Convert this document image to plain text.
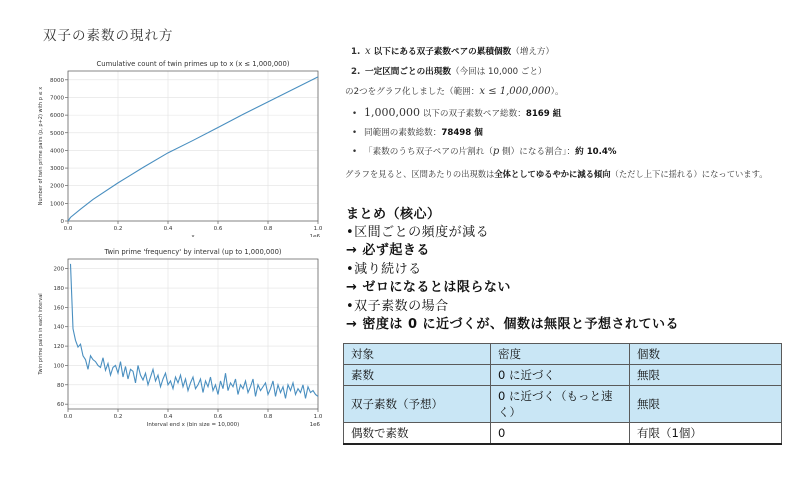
双子の素数の現れ方
Cumulative count of twin primes up to x (x ≤ 1,000,000)
0
1000
2000
3000
4000
5000
6000
7000
8000
0.0	0.2	0.4	0.6	0.8	1.0
x	1e6
Number of twin prime pairs (p, p+2) with p ≤ x
Twin prime 'frequency' by interval (up to 1,000,000)
60
80
100
120
140
160
180
200
0.0	0.2	0.4	0.6	0.8	1.0
Interval end x (bin size = 10,000)	1e6
Twin prime pairs in each interval
1. x 以下にある双子素数ペアの累積個数（増え方）
2. 一定区間ごとの出現数（今回は 10,000 ごと）
の2つをグラフ化しました（範囲：x ≤ 1,000,000）。
• 1,000,000 以下の双子素数ペア総数：8169 組
• 同範囲の素数総数：78498 個
• 「素数のうち双子ペアの片割れ（p 側）になる割合」：約 10.4%
グラフを見ると、区間あたりの出現数は全体としてゆるやかに減る傾向（ただし上下に揺れる）になっています。
まとめ（核心）
•区間ごとの頻度が減る
→ 必ず起きる
•減り続ける
→ ゼロになるとは限らない
•双子素数の場合
→ 密度は 0 に近づくが、個数は無限と予想されている
対象	密度	個数
素数	0 に近づく	無限
双子素数（予想）	0 に近づく（もっと速く）	無限
偶数で素数	0	有限（1個）
